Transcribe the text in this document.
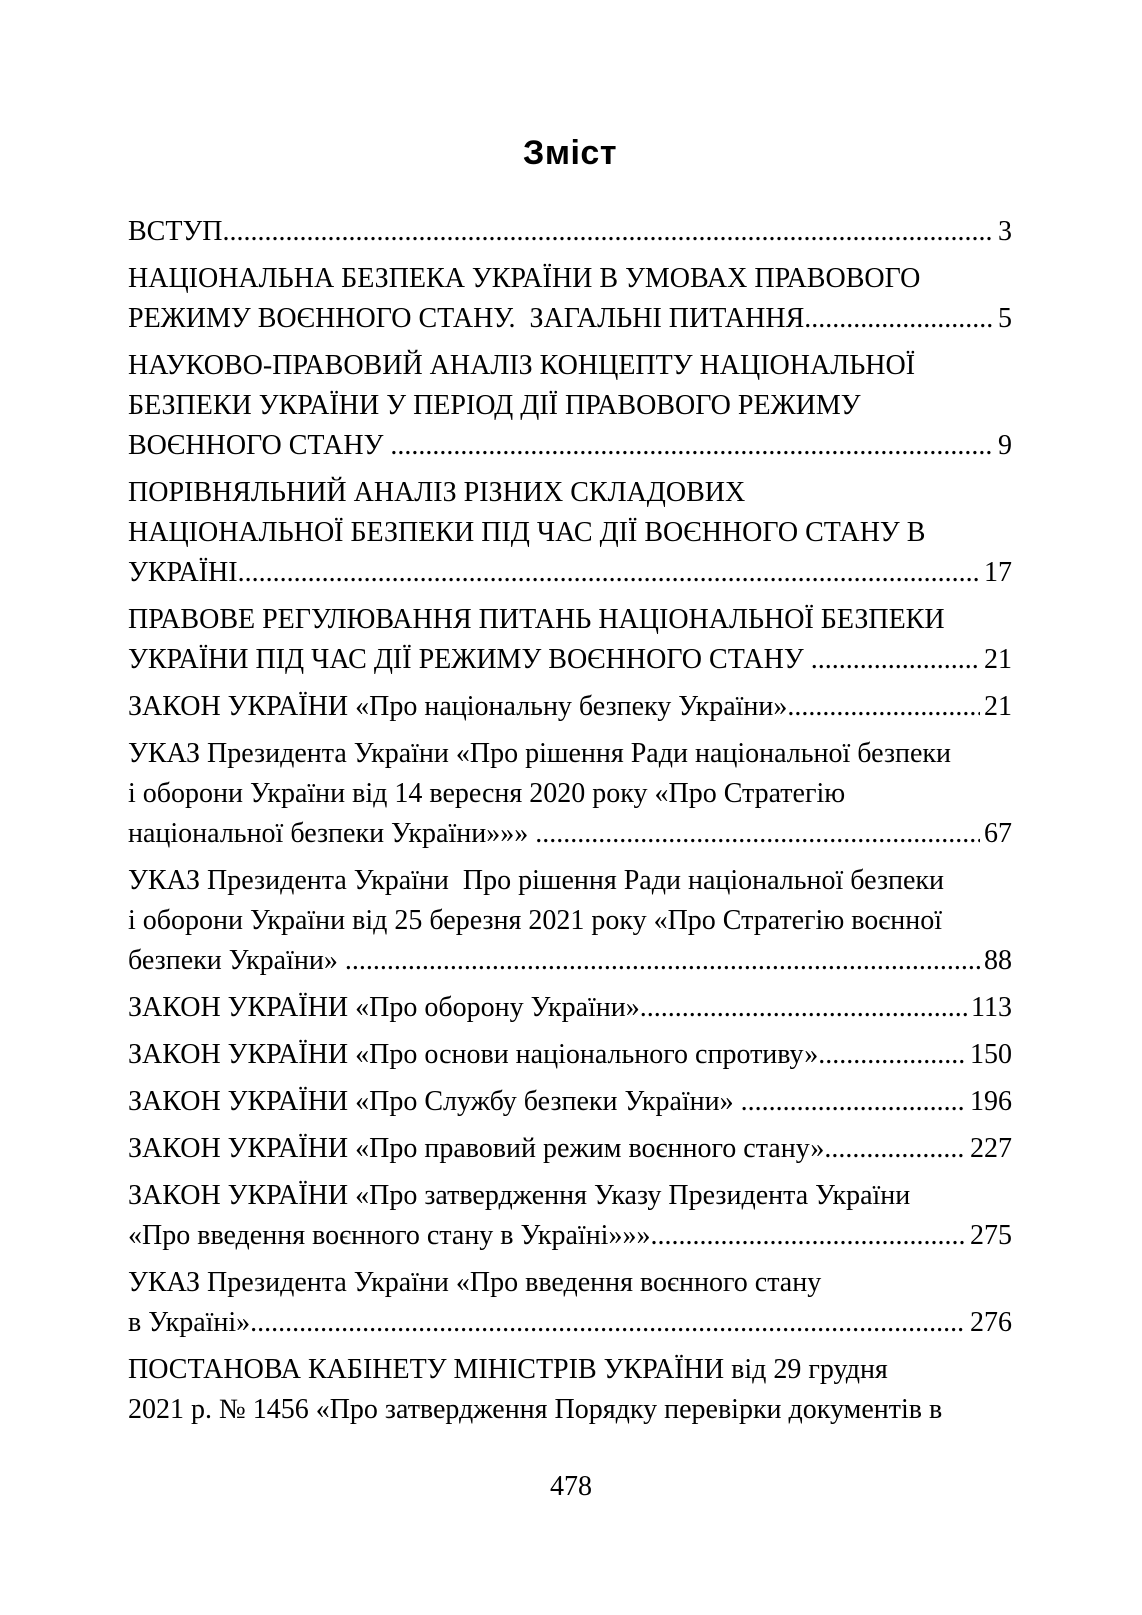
Зміст
ВСТУП .....	3
НАЦІОНАЛЬНА БЕЗПЕКА УКРАЇНИ В УМОВАХ ПРАВОВОГО
РЕЖИМУ ВОЄННОГО СТАНУ.  ЗАГАЛЬНІ ПИТАННЯ .....	5
НАУКОВО-ПРАВОВИЙ АНАЛІЗ КОНЦЕПТУ НАЦІОНАЛЬНОЇ
БЕЗПЕКИ УКРАЇНИ У ПЕРІОД ДІЇ ПРАВОВОГО РЕЖИМУ
ВОЄННОГО СТАНУ .....	9
ПОРІВНЯЛЬНИЙ АНАЛІЗ РІЗНИХ СКЛАДОВИХ
НАЦІОНАЛЬНОЇ БЕЗПЕКИ ПІД ЧАС ДІЇ ВОЄННОГО СТАНУ В
УКРАЇНІ .....	17
ПРАВОВЕ РЕГУЛЮВАННЯ ПИТАНЬ НАЦІОНАЛЬНОЇ БЕЗПЕКИ
УКРАЇНИ ПІД ЧАС ДІЇ РЕЖИМУ ВОЄННОГО СТАНУ .....	21
ЗАКОН УКРАЇНИ «Про національну безпеку України» .....	21
УКАЗ Президента України «Про рішення Ради національної безпеки
і оборони України від 14 вересня 2020 року «Про Стратегію
національної безпеки України»»» .....	67
УКАЗ Президента України  Про рішення Ради національної безпеки
і оборони України від 25 березня 2021 року «Про Стратегію воєнної
безпеки України» .....	88
ЗАКОН УКРАЇНИ «Про оборону України» .....	113
ЗАКОН УКРАЇНИ «Про основи національного спротиву» .....	150
ЗАКОН УКРАЇНИ «Про Службу безпеки України» .....	196
ЗАКОН УКРАЇНИ «Про правовий режим воєнного стану» .....	227
ЗАКОН УКРАЇНИ «Про затвердження Указу Президента України
«Про введення воєнного стану в Україні»»» .....	275
УКАЗ Президента України «Про введення воєнного стану
в Україні» .....	276
ПОСТАНОВА КАБІНЕТУ МІНІСТРІВ УКРАЇНИ від 29 грудня
2021 р. № 1456 «Про затвердження Порядку перевірки документів в
478
